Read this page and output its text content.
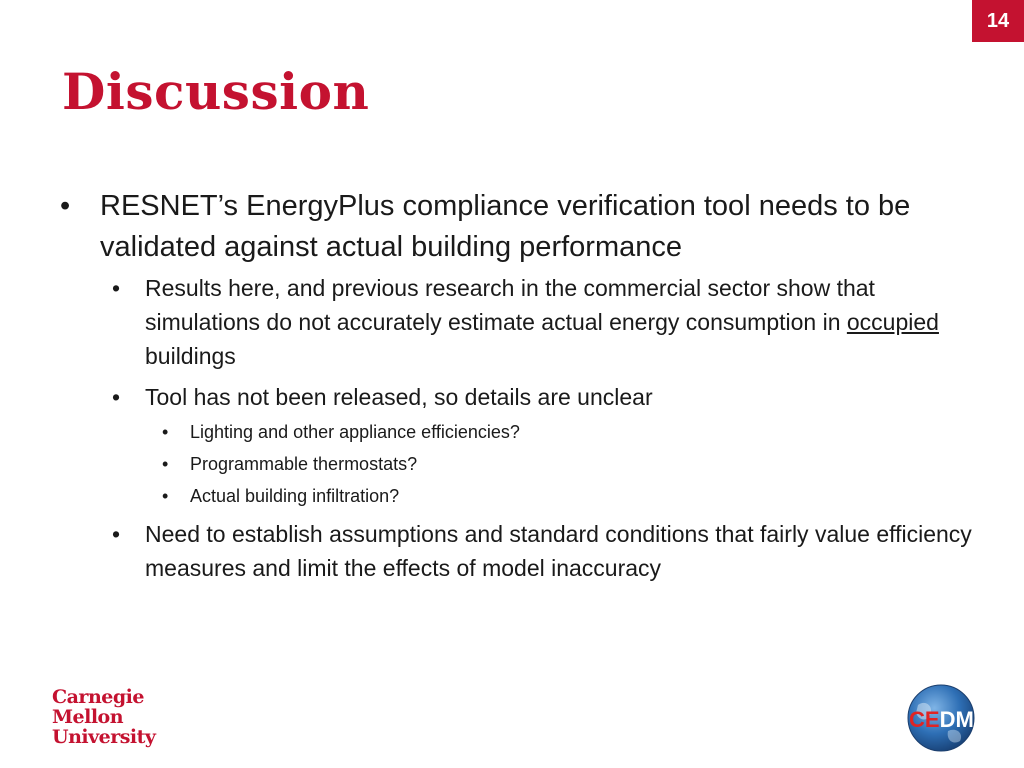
14
Discussion

• RESNET’s EnergyPlus compliance verification tool needs to be validated against actual building performance

• Results here, and previous research in the commercial sector show that simulations do not accurately estimate actual energy consumption in occupied buildings

• Tool has not been released, so details are unclear

• Lighting and other appliance efficiencies?

• Programmable thermostats?

• Actual building infiltration?

• Need to establish assumptions and standard conditions that fairly value efficiency measures and limit the effects of model inaccuracy

Carnegie
Mellon
University
CEDM
